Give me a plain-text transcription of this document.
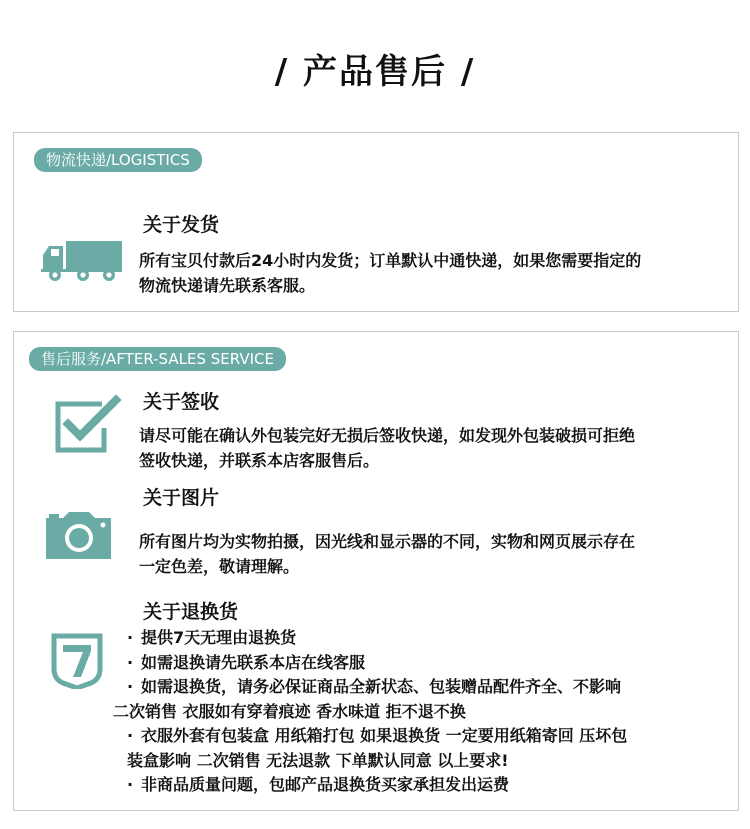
/ 产品售后 /
物流快递/LOGISTICS
关于发货
所有宝贝付款后24小时内发货；订单默认中通快递，如果您需要指定的
物流快递请先联系客服。
售后服务/AFTER-SALES SERVICE
关于签收
请尽可能在确认外包装完好无损后签收快递，如发现外包装破损可拒绝
签收快递，并联系本店客服售后。
关于图片
所有图片均为实物拍摄，因光线和显示器的不同，实物和网页展示存在
一定色差，敬请理解。
关于退换货
· 提供7天无理由退换货
· 如需退换请先联系本店在线客服
· 如需退换货，请务必保证商品全新状态、包装赠品配件齐全、不影响
二次销售 衣服如有穿着痕迹 香水味道 拒不退不换
· 衣服外套有包装盒 用纸箱打包 如果退换货 一定要用纸箱寄回 压坏包
装盒影响 二次销售 无法退款 下单默认同意 以上要求!
· 非商品质量问题，包邮产品退换货买家承担发出运费
